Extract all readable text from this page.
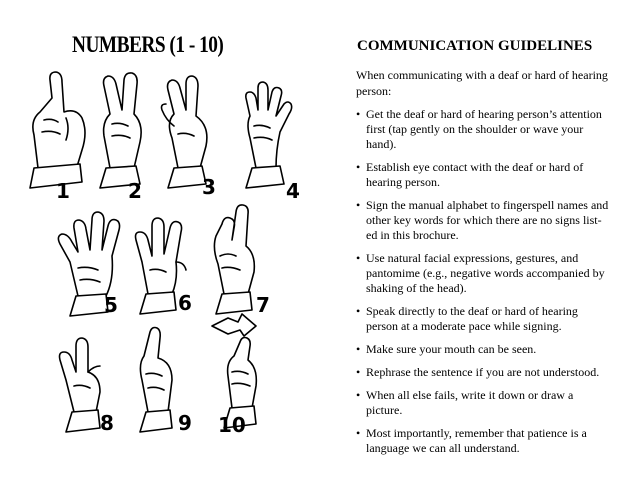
NUMBERS (1 - 10)
1	2	3	4
5	6	7
8	9 10
COMMUNICATION GUIDELINES
When communicating with a deaf or hard of hearing person:
• Get the deaf or hard of hearing person’s attention first (tap gently on the shoulder or wave your hand).
• Establish eye contact with the deaf or hard of hearing person.
• Sign the manual alphabet to fingerspell names and other key words for which there are no signs list-ed in this brochure.
• Use natural facial expressions, gestures, and pantomime (e.g., negative words accompanied by shaking of the head).
• Speak directly to the deaf or hard of hearing person at a moderate pace while signing.
• Make sure your mouth can be seen.
• Rephrase the sentence if you are not understood.
• When all else fails, write it down or draw a picture.
• Most importantly, remember that patience is a language we can all understand.
